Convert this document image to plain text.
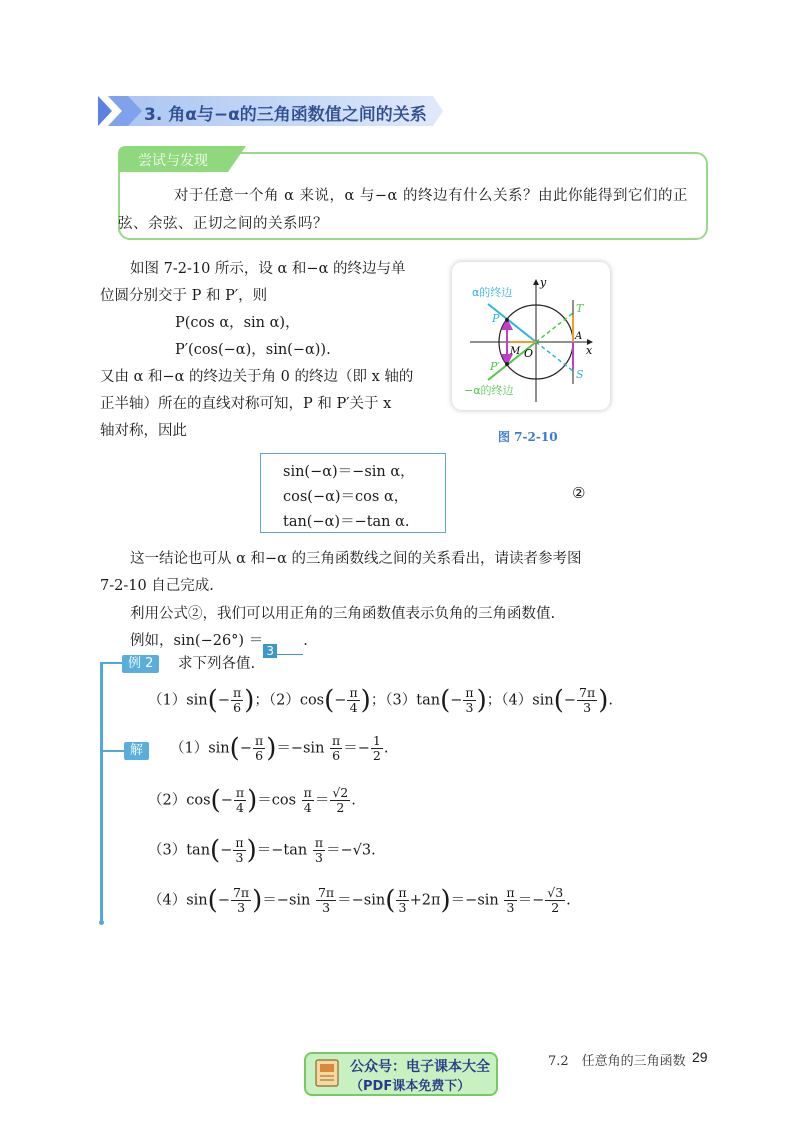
3. 角α与−α的三角函数值之间的关系
尝试与发现
对于任意一个角 α 来说，α 与−α 的终边有什么关系？由此你能得到它们的正
弦、余弦、正切之间的关系吗？
如图 7-2-10 所示，设 α 和−α 的终边与单
位圆分别交于 P 和 P′，则
P(cos α，sin α)，
P′(cos(−α)，sin(−α)).
又由 α 和−α 的终边关于角 0 的终边（即 x 轴的
正半轴）所在的直线对称可知，P 和 P′关于 x
轴对称，因此
α的终边
−α的终边
y
x
P
P′
M O
A
T
S
图 7-2-10
sin(−α)＝−sin α，
cos(−α)＝cos α，
tan(−α)＝−tan α.
②
这一结论也可从 α 和−α 的三角函数线之间的关系看出，请读者参考图
7-2-10 自己完成.
利用公式②，我们可以用正角的三角函数值表示负角的三角函数值.
例如，sin(−26°) ＝3.
例 2	求下列各值.
$(1)\sin(- \frac{\pi}{6}$ )；$(2)\cos(- \frac{\pi}{4}$ )；$(3)\tan(- \frac{\pi}{3}$ )；$(4)\sin(- \frac{7\pi}{3}$ ).
解	$(1)\sin(- \frac{\pi}{6} )=-\sin \frac{\pi}{6} =- \frac{1}{2}$ .
$(2)\cos(- \frac{\pi}{4} )=\cos \frac{\pi}{4} = \frac{√2}{2}$ .
$(3)\tan(- \frac{\pi}{3} )=-\tan \frac{\pi}{3} =-√3$.
$(4)\sin(- \frac{7\pi}{3} )=-\sin \frac{7\pi}{3} =-\sin( \frac{\pi}{3} +2\pi)=-\sin \frac{\pi}{3} =- \frac{√3}{2}$ .
公众号：电子课本大全
（PDF课本免费下）
7.2　任意角的三角函数 29
